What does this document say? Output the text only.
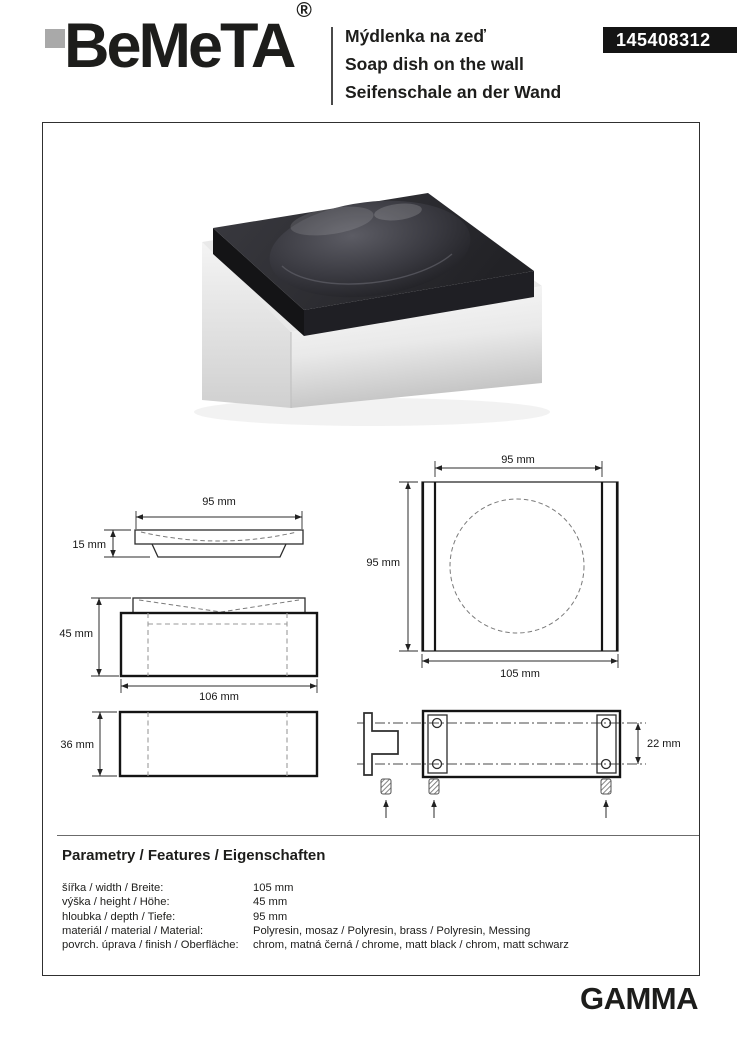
BeMeTA®
Mýdlenka na zeď
Soap dish on the wall
Seifenschale an der Wand
145408312
95 mm
15 mm
45 mm
106 mm
36 mm
95 mm
95 mm
105 mm
22 mm
Parametry / Features / Eigenschaften
šířka / width / Breite:	105 mm
výška / height / Höhe:	45 mm
hloubka / depth / Tiefe:	95 mm
materiál / material / Material:	Polyresin, mosaz / Polyresin, brass / Polyresin, Messing
povrch. úprava / finish / Oberfläche:	chrom, matná černá / chrome, matt black / chrom, matt schwarz
GAMMA
